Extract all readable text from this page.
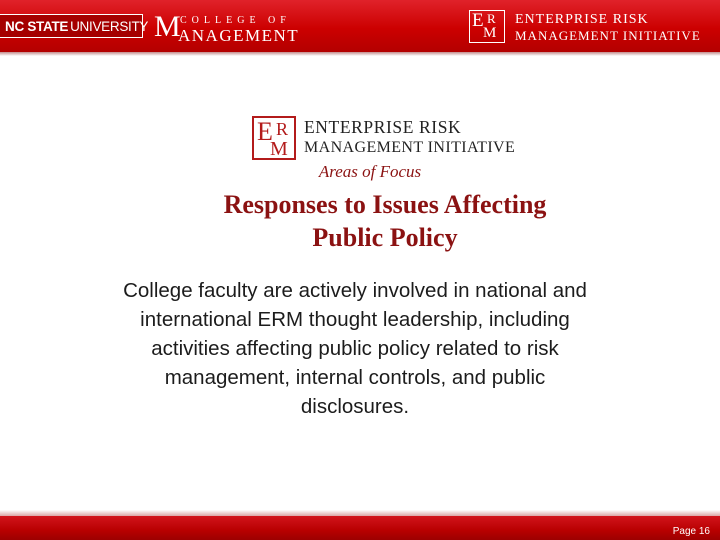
NC STATE UNIVERSITY M COLLEGE OF
ANAGEMENT
E R
M
ENTERPRISE RISK
MANAGEMENT INITIATIVE
E R
M
ENTERPRISE RISK
MANAGEMENT INITIATIVE
Areas of Focus
Responses to Issues Affecting
Public Policy
College faculty are actively involved in national and
international ERM thought leadership, including
activities affecting public policy related to risk
management, internal controls, and public
disclosures.
Page 16
